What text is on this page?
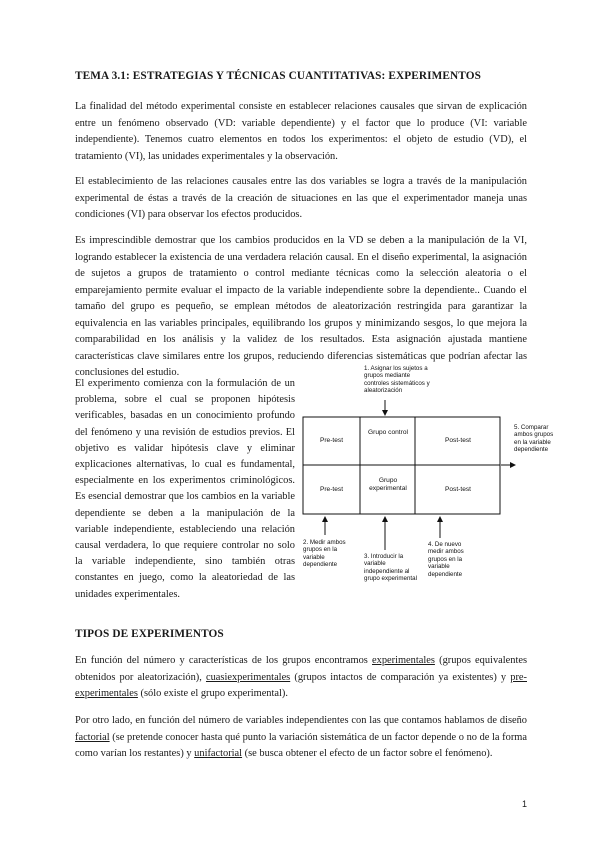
TEMA 3.1: ESTRATEGIAS Y TÉCNICAS CUANTITATIVAS: EXPERIMENTOS

La finalidad del método experimental consiste en establecer relaciones causales que sirvan de explicación entre un fenómeno observado (VD: variable dependiente) y el factor que lo produce (VI: variable independiente). Tenemos cuatro elementos en todos los experimentos: el objeto de estudio (VD), el tratamiento (VI), las unidades experimentales y la observación.

El establecimiento de las relaciones causales entre las dos variables se logra a través de la manipulación experimental de éstas a través de la creación de situaciones en las que el experimentador maneja unas condiciones (VI) para observar los efectos producidos.

Es imprescindible demostrar que los cambios producidos en la VD se deben a la manipulación de la VI, logrando establecer la existencia de una verdadera relación causal. En el diseño experimental, la asignación de sujetos a grupos de tratamiento o control mediante técnicas como la selección aleatoria o el emparejamiento permite evaluar el impacto de la variable independiente sobre la dependiente.. Cuando el tamaño del grupo es pequeño, se emplean métodos de aleatorización restringida para garantizar la equivalencia en las variables principales, equilibrando los grupos y minimizando sesgos, lo que mejora la comparabilidad en los análisis y la validez de los resultados. Esta asignación ajustada mantiene características clave similares entre los grupos, reduciendo diferencias sistemáticas que podrían afectar las conclusiones del estudio.

El experimento comienza con la formulación de un problema, sobre el cual se proponen hipótesis verificables, basadas en un conocimiento profundo del fenómeno y una revisión de estudios previos. El objetivo es validar hipótesis clave y eliminar explicaciones alternativas, lo cual es fundamental, especialmente en los experimentos criminológicos. Es esencial demostrar que los cambios en la variable dependiente se deben a la manipulación de la variable independiente, estableciendo una relación causal verdadera, lo que requiere controlar no solo la variable independiente, sino también otras constantes en juego, como la aleatoriedad de las unidades experimentales.

1. Asignar los sujetos a grupos mediante controles sistemáticos y aleatorización

Pre-test

Grupo control

Post-test

Pre-test

Grupo experimental	Post-test

2. Medir ambos grupos en la variable dependiente

3. Introducir la variable independiente al grupo experimental

4. De nuevo medir ambos grupos en la variable dependiente

5. Comparar ambos grupos en la variable dependiente

TIPOS DE EXPERIMENTOS

En función del número y características de los grupos encontramos experimentales (grupos equivalentes obtenidos por aleatorización), cuasiexperimentales (grupos intactos de comparación ya existentes) y pre-experimentales (sólo existe el grupo experimental).

Por otro lado, en función del número de variables independientes con las que contamos hablamos de diseño factorial (se pretende conocer hasta qué punto la variación sistemática de un factor depende o no de la forma como varían los restantes) y unifactorial (se busca obtener el efecto de un factor sobre el fenómeno).

1
